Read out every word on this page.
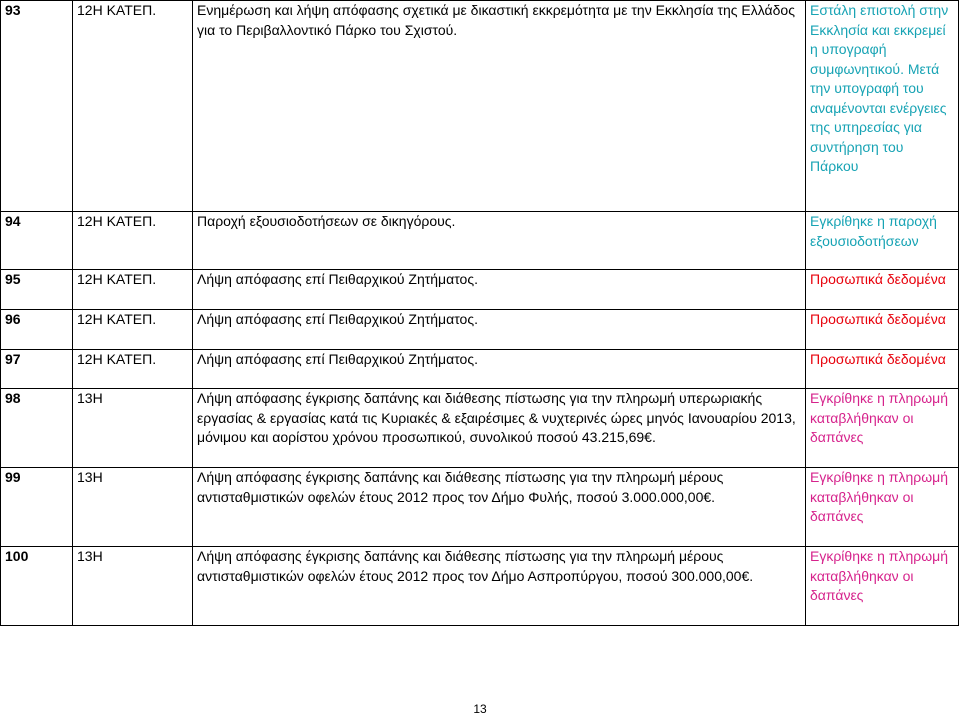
93	12Η ΚΑΤΕΠ.	Ενημέρωση και λήψη απόφασης σχετικά με δικαστική εκκρεμότητα με την Εκκλησία της Ελλάδος για το Περιβαλλοντικό Πάρκο του Σχιστού.	Εστάλη επιστολή στην Εκκλησία και εκκρεμεί η υπογραφή συμφωνητικού. Μετά την υπογραφή του αναμένονται ενέργειες της υπηρεσίας για συντήρηση του Πάρκου
94	12Η ΚΑΤΕΠ.	Παροχή εξουσιοδοτήσεων σε δικηγόρους.	Εγκρίθηκε η παροχή εξουσιοδοτήσεων
95	12Η ΚΑΤΕΠ.	Λήψη απόφασης επί Πειθαρχικού Ζητήματος.	Προσωπικά δεδομένα
96	12Η ΚΑΤΕΠ.	Λήψη απόφασης επί Πειθαρχικού Ζητήματος.	Προσωπικά δεδομένα
97	12Η ΚΑΤΕΠ.	Λήψη απόφασης επί Πειθαρχικού Ζητήματος.	Προσωπικά δεδομένα
98	13Η	Λήψη απόφασης έγκρισης δαπάνης και διάθεσης πίστωσης για την πληρωμή υπερωριακής εργασίας & εργασίας κατά τις Κυριακές & εξαιρέσιμες & νυχτερινές ώρες μηνός Ιανουαρίου 2013, μόνιμου και αορίστου χρόνου προσωπικού, συνολικού ποσού 43.215,69€.	Εγκρίθηκε η πληρωμή καταβλήθηκαν οι δαπάνες
99	13Η	Λήψη απόφασης έγκρισης δαπάνης και διάθεσης πίστωσης για την πληρωμή μέρους αντισταθμιστικών οφελών έτους 2012 προς τον Δήμο Φυλής, ποσού 3.000.000,00€.	Εγκρίθηκε η πληρωμή καταβλήθηκαν οι δαπάνες
100	13Η	Λήψη απόφασης έγκρισης δαπάνης και διάθεσης πίστωσης για την πληρωμή μέρους αντισταθμιστικών οφελών έτους 2012 προς τον Δήμο Ασπροπύργου, ποσού 300.000,00€.	Εγκρίθηκε η πληρωμή καταβλήθηκαν οι δαπάνες
13
